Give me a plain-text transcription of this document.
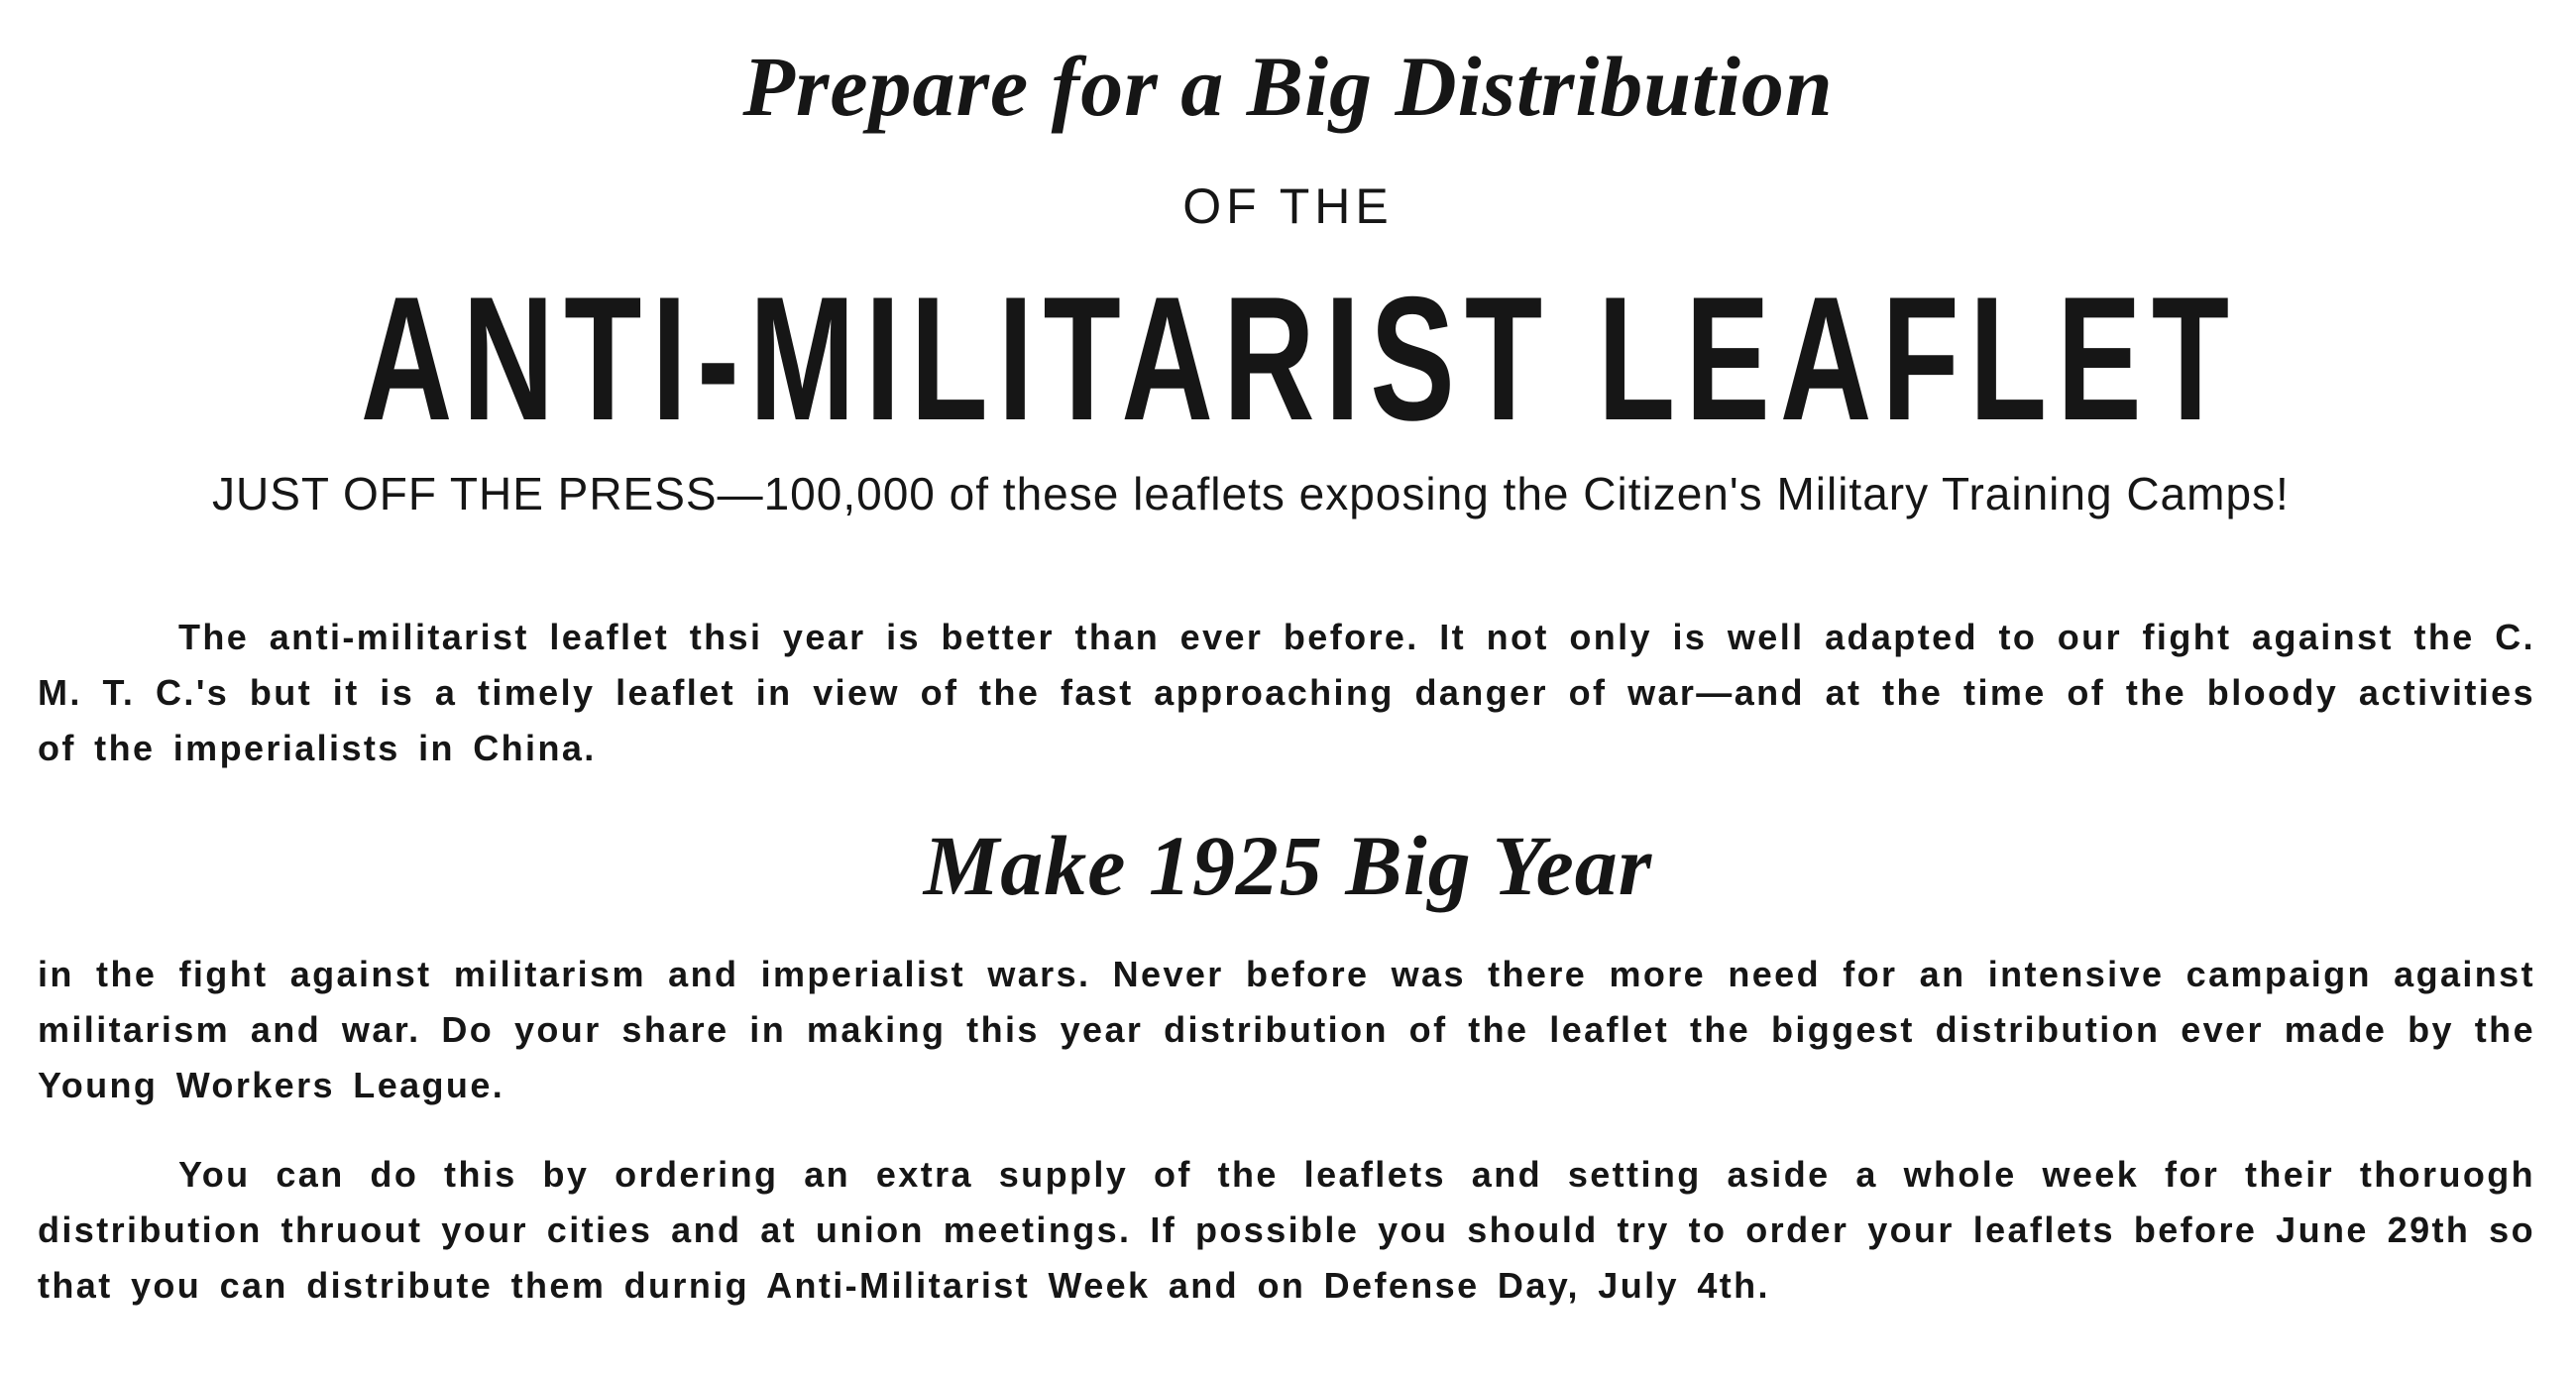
Prepare for a Big Distribution
OF THE
ANTI-MILITARIST LEAFLET
JUST OFF THE PRESS—100,000 of these leaflets exposing the Citizen's Military Training Camps!
The anti-militarist leaflet thsi year is better than ever before. It not only is well adapted to our fight against the C. M. T. C.'s but it is a timely leaflet in view of the fast approaching danger of war—and at the time of the bloody activities of the imperialists in China.
Make 1925 Big Year
in the fight against militarism and imperialist wars. Never before was there more need for an intensive campaign against militarism and war. Do your share in making this year distribution of the leaflet the biggest distribution ever made by the Young Workers League.
You can do this by ordering an extra supply of the leaflets and setting aside a whole week for their thoruogh distribution thruout your cities and at union meetings. If possible you should try to order your leaflets before June 29th so that you can distribute them durnig Anti-Militarist Week and on Defense Day, July 4th.
